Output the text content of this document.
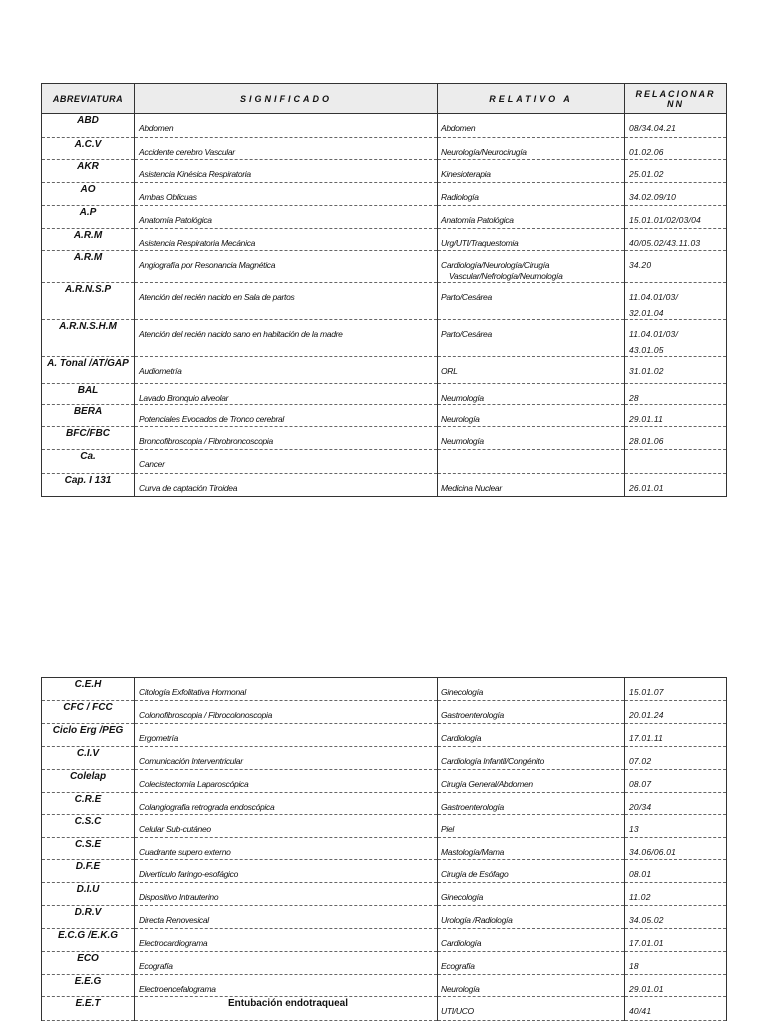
ABREVIATURA	SIGNIFICADO	RELATIVO A	RELACIONAR
NN
ABD	Abdomen	Abdomen	08/34.04.21
A.C.V	Accidente cerebro Vascular	Neurología/Neurocirugía	01.02.06
AKR	Asistencia Kinésica Respiratoria	Kinesioterapia	25.01.02
AO	Ambas Oblicuas	Radiología	34.02.09/10
A.P	Anatomía Patológica	Anatomía Patológica	15.01.01/02/03/04
A.R.M	Asistencia Respiratoria Mecánica	Urg/UTI/Traquestomia	40/05.02/43.11.03
A.R.M	Angiografía por Resonancia Magnética	Cardiología/Neurología/Cirugía
Vascular/Nefrología/Neumología	34.20
A.R.N.S.P	Atención del recién nacido en Sala de partos	Parto/Cesárea	11.04.01/03/
32.01.04

A.R.N.S.H.M	Atención del recién nacido sano en habitación de la madre	Parto/Cesárea	11.04.01/03/
43.01.05

A. Tonal /AT/GAP	Audiometría	ORL	31.01.02
BAL	Lavado Bronquio alveolar	Neumología	28
BERA	Potenciales Evocados de Tronco cerebral	Neurología	29.01.11
BFC/FBC	Broncofibroscopia / Fibrobroncoscopia	Neumología	28.01.06
Ca.	Cancer		
Cap. I 131	Curva de captación Tiroidea	Medicina Nuclear	26.01.01
C.E.H	Citología Exfolitativa Hormonal	Ginecología	15.01.07
CFC / FCC	Colonofibroscopia / Fibrocolonoscopia	Gastroenterología	20.01.24
Ciclo Erg /PEG	Ergometría	Cardiología	17.01.11
C.I.V	Comunicación Interventricular	Cardiología Infantil/Congénito	07.02
Colelap	Colecistectomía Laparoscópica	Cirugía General/Abdomen	08.07
C.R.E	Colangiografia retrograda endoscópica	Gastroenterología	20/34
C.S.C	Celular Sub-cutáneo	Piel	13
C.S.E	Cuadrante supero externo	Mastología/Mama	34.06/06.01
D.F.E	Divertículo faringo-esofágico	Cirugía de Esófago	08.01
D.I.U	Dispositivo Intrauterino	Ginecología	11.02
D.R.V	Directa Renovesical	Urología /Radiología	34.05.02
E.C.G /E.K.G	Electrocardiograma	Cardiología	17.01.01
ECO	Ecografía	Ecografía	18
E.E.G	Electroencefalograma	Neurología	29.01.01
E.E.T	Entubación endotraqueal	UTI/UCO	40/41
